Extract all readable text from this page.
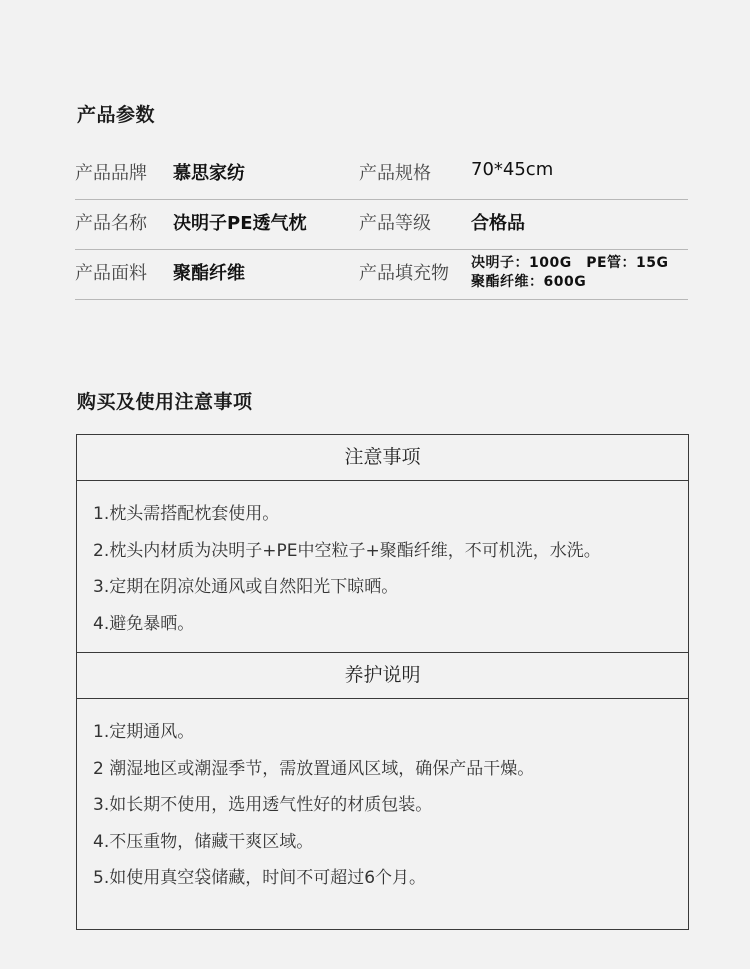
产品参数
产品品牌 慕思家纺	产品规格 70*45cm
产品名称 决明子PE透气枕	产品等级 合格品
产品面料 聚酯纤维	产品填充物 决明子：100G　PE管：15G
聚酯纤维：600G
购买及使用注意事项
注意事项
1.枕头需搭配枕套使用。
2.枕头内材质为决明子+PE中空粒子+聚酯纤维，不可机洗，水洗。
3.定期在阴凉处通风或自然阳光下晾晒。
4.避免暴晒。
养护说明
1.定期通风。
2 潮湿地区或潮湿季节，需放置通风区域，确保产品干燥。
3.如长期不使用，选用透气性好的材质包装。
4.不压重物，储藏干爽区域。
5.如使用真空袋储藏，时间不可超过6个月。
